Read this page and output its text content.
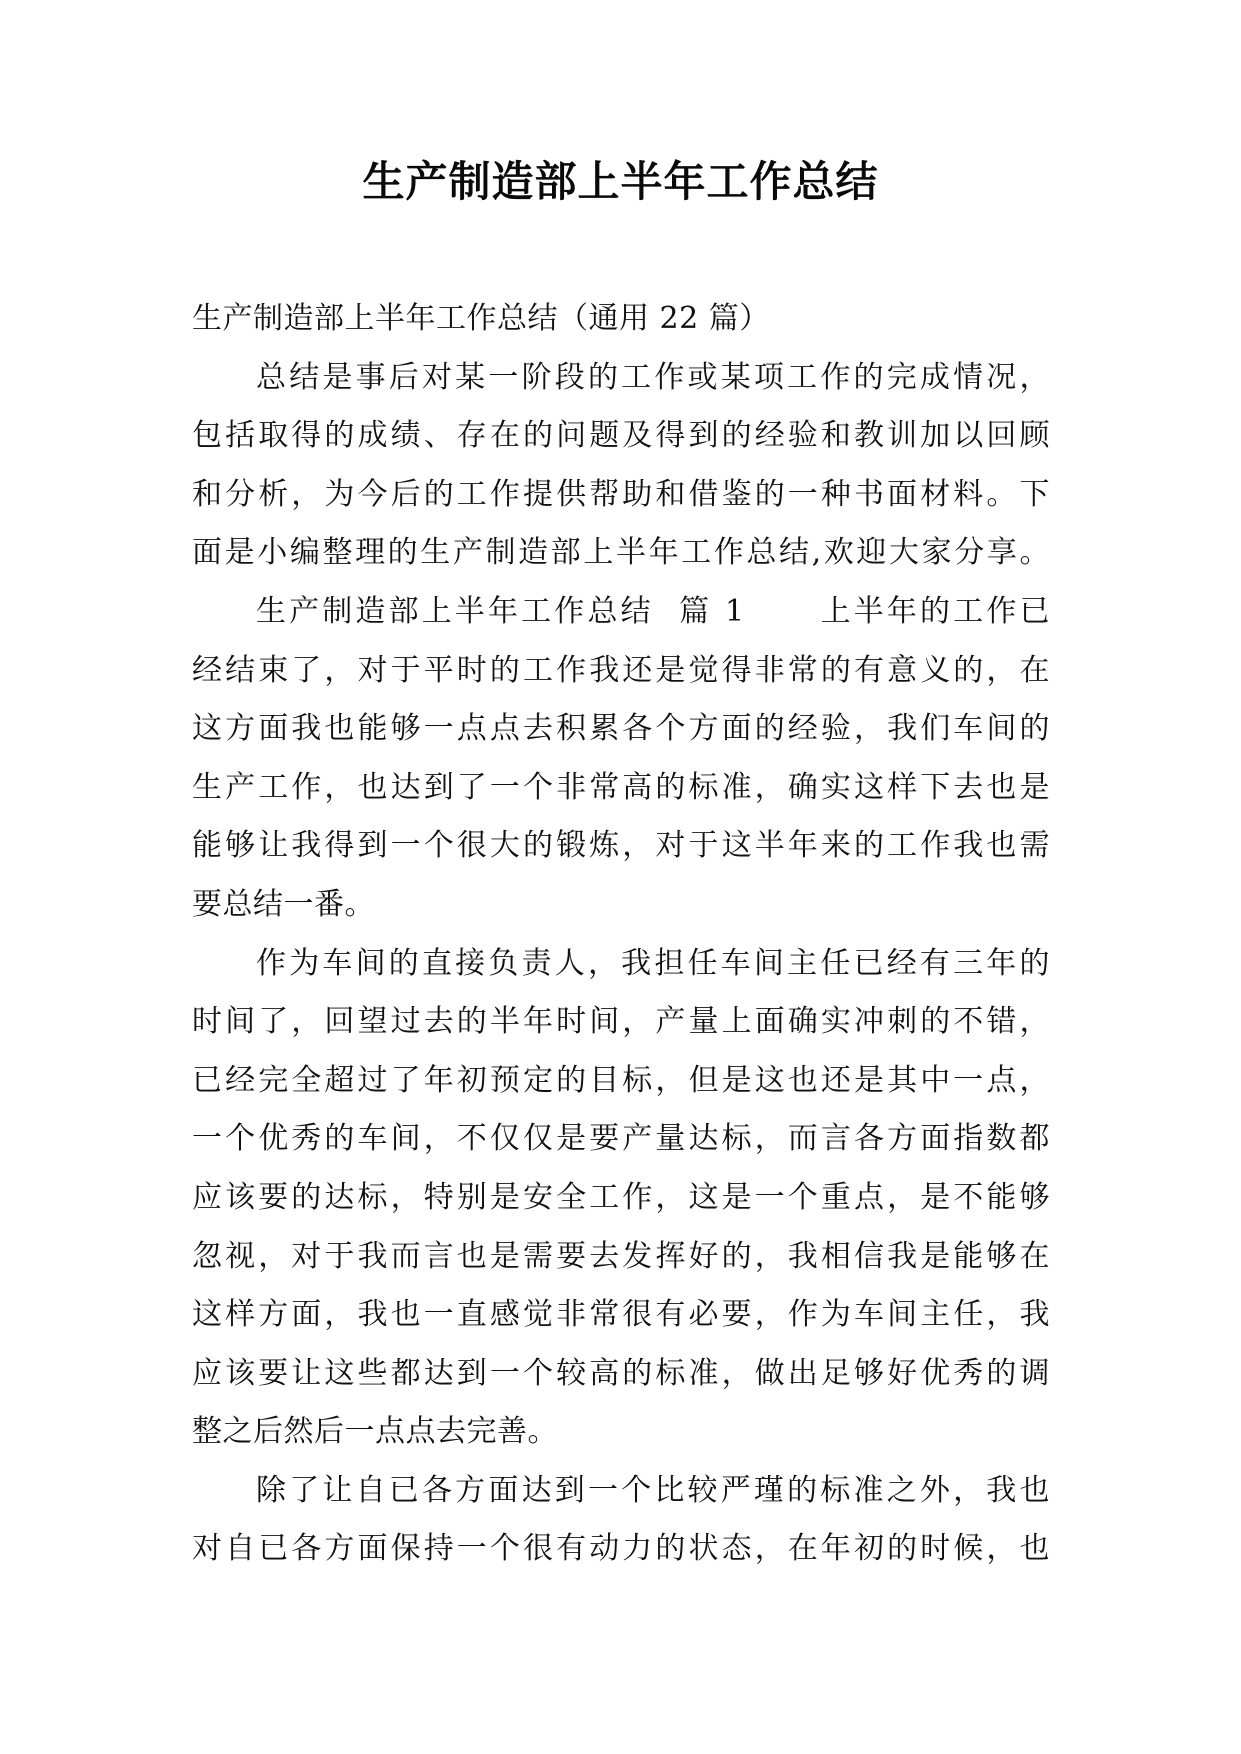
生产制造部上半年工作总结
生产制造部上半年工作总结（通用 22 篇）
总结是事后对某一阶段的工作或某项工作的完成情况，
包括取得的成绩、存在的问题及得到的经验和教训加以回顾
和分析，为今后的工作提供帮助和借鉴的一种书面材料。下
面是小编整理的生产制造部上半年工作总结,欢迎大家分享。
生产制造部上半年工作总结  篇 1      上半年的工作已
经结束了，对于平时的工作我还是觉得非常的有意义的，在
这方面我也能够一点点去积累各个方面的经验，我们车间的
生产工作，也达到了一个非常高的标准，确实这样下去也是
能够让我得到一个很大的锻炼，对于这半年来的工作我也需
要总结一番。
作为车间的直接负责人，我担任车间主任已经有三年的
时间了，回望过去的半年时间，产量上面确实冲刺的不错，
已经完全超过了年初预定的目标，但是这也还是其中一点，
一个优秀的车间，不仅仅是要产量达标，而言各方面指数都
应该要的达标，特别是安全工作，这是一个重点，是不能够
忽视，对于我而言也是需要去发挥好的，我相信我是能够在
这样方面，我也一直感觉非常很有必要，作为车间主任，我
应该要让这些都达到一个较高的标准，做出足够好优秀的调
整之后然后一点点去完善。
除了让自已各方面达到一个比较严瑾的标准之外，我也
对自已各方面保持一个很有动力的状态，在年初的时候，也
